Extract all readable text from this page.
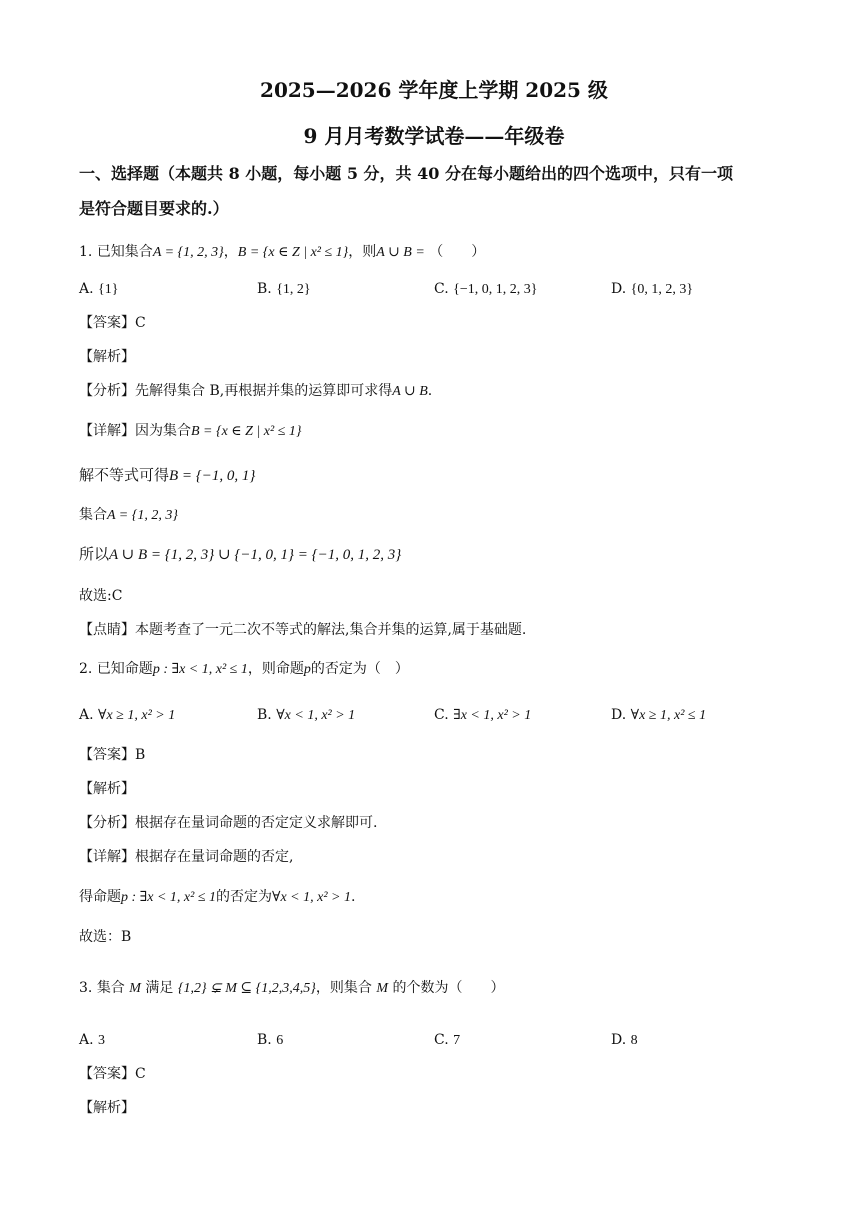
2025—2026 学年度上学期 2025 级
9 月月考数学试卷——年级卷
一、选择题（本题共 8 小题，每小题 5 分，共 40 分在每小题给出的四个选项中，只有一项
是符合题目要求的.）
1. 已知集合A = {1, 2, 3}，B = {x ∈ Z | x² ≤ 1}，则A ∪ B = （　　）
A. {1}	B. {1, 2}	C. {−1, 0, 1, 2, 3}	D. {0, 1, 2, 3}
【答案】C
【解析】
【分析】先解得集合 B,再根据并集的运算即可求得A ∪ B.
【详解】因为集合B = {x ∈ Z | x² ≤ 1}
解不等式可得B = {−1, 0, 1}
集合A = {1, 2, 3}
所以A ∪ B = {1, 2, 3} ∪ {−1, 0, 1} = {−1, 0, 1, 2, 3}
故选:C
【点睛】本题考查了一元二次不等式的解法,集合并集的运算,属于基础题.
2. 已知命题p : ∃x < 1, x² ≤ 1，则命题p的否定为（　）
A. ∀x ≥ 1, x² > 1	B. ∀x < 1, x² > 1	C. ∃x < 1, x² > 1	D. ∀x ≥ 1, x² ≤ 1
【答案】B
【解析】
【分析】根据存在量词命题的否定定义求解即可.
【详解】根据存在量词命题的否定,
得命题p : ∃x < 1, x² ≤ 1的否定为∀x < 1, x² > 1.
故选：B
3. 集合 M 满足 {1,2} ⊊ M ⊆ {1,2,3,4,5}，则集合 M 的个数为（　　）
A. 3	B. 6	C. 7	D. 8
【答案】C
【解析】
